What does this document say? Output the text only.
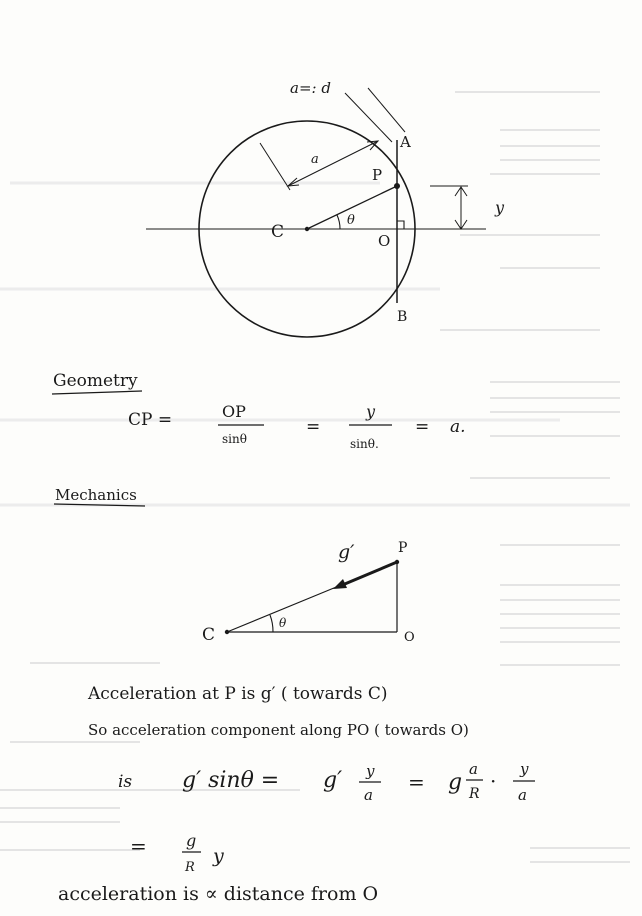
a=: d
A
a
P
C
θ
O
B
y
Geometry
CP =	OP
sinθ
=
y
sinθ.
= a.
Mechanics
g′	P
C
θ
O
Acceleration at P is g′ ( towards C)
So acceleration component along PO ( towards O)
is g′ sinθ = g′ y
a
= g
a
R
· y
a
= g
R
y
acceleration is ∝ distance from O
